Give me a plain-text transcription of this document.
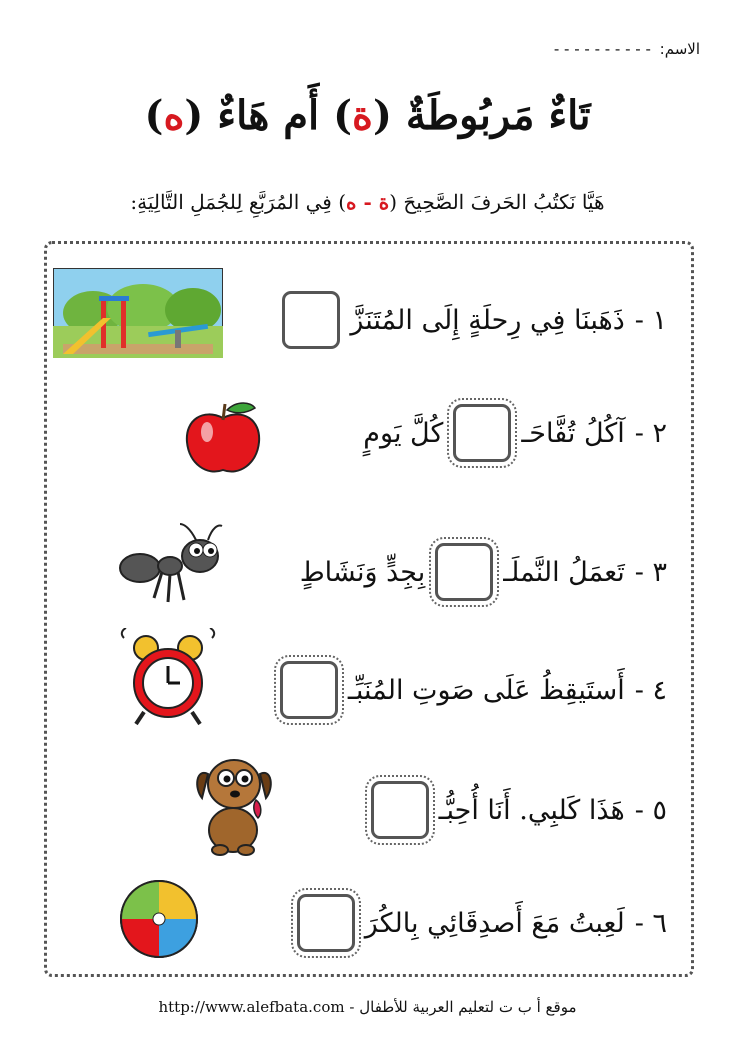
الاسم: - - - - - - - - - -
تَاءٌ مَربُوطَةٌ (ة) أَم هَاءٌ (ه)
هَيَّا نَكتُبُ الحَرفَ الصَّحِيحَ (ة - ه) فِي المُرَبَّعِ لِلجُمَلِ التَّالِيَةِ:
١ -
ذَهَبنَا فِي رِحلَةٍ إِلَى المُتَنَزَّ
٢ -
آكُلُ تُفَّاحَـ
كُلَّ يَومٍ
٣ -
تَعمَلُ النَّملَـ
بِجِدٍّ وَنَشَاطٍ
٤ -
أَستَيقِظُ عَلَى صَوتِ المُنَبِّـ
٥ -
هَذَا كَلبِي. أَنَا أُحِبُّـ
٦ -
لَعِبتُ مَعَ أَصدِقَائِي بِالكُرَ
http://www.alefbata.com - موقع أ ب ت لتعليم العربية للأطفال
